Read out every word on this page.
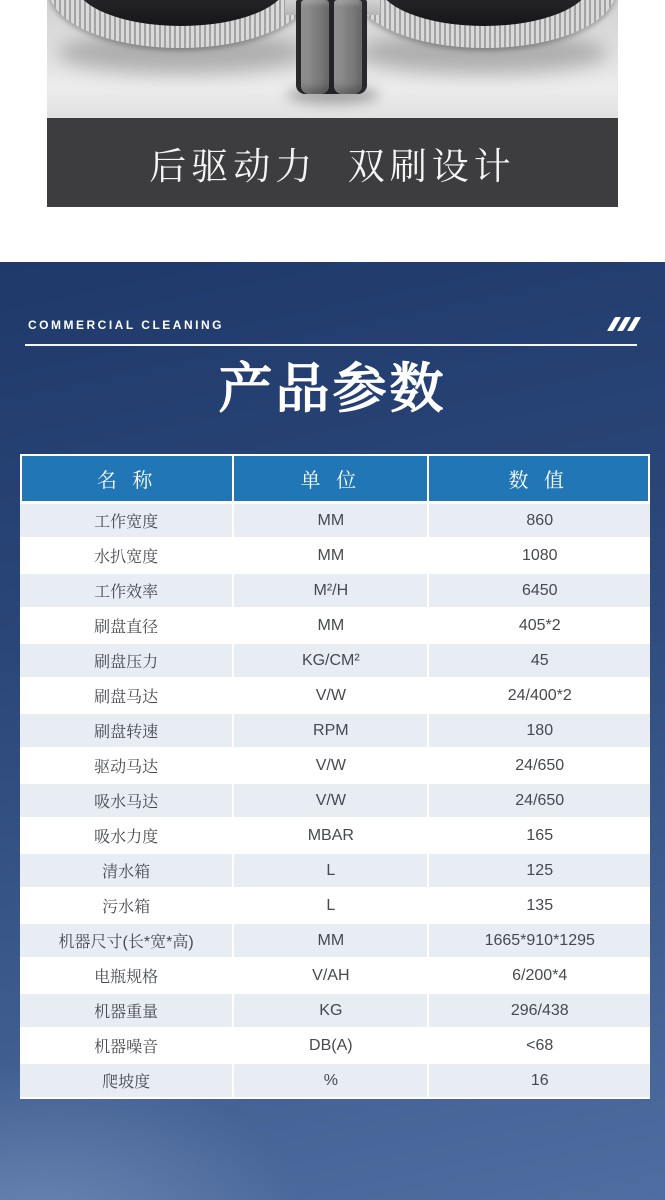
后驱动力  双刷设计
COMMERCIAL CLEANING
产品参数
名 称	单 位	数 值
工作宽度	MM	860
水扒宽度	MM	1080
工作效率	M²/H	6450
刷盘直径	MM	405*2
刷盘压力	KG/CM²	45
刷盘马达	V/W	24/400*2
刷盘转速	RPM	180
驱动马达	V/W	24/650
吸水马达	V/W	24/650
吸水力度	MBAR	165
清水箱	L	125
污水箱	L	135
机器尺寸(长*宽*高)	MM	1665*910*1295
电瓶规格	V/AH	6/200*4
机器重量	KG	296/438
机器噪音	DB(A)	<68
爬坡度	%	16
